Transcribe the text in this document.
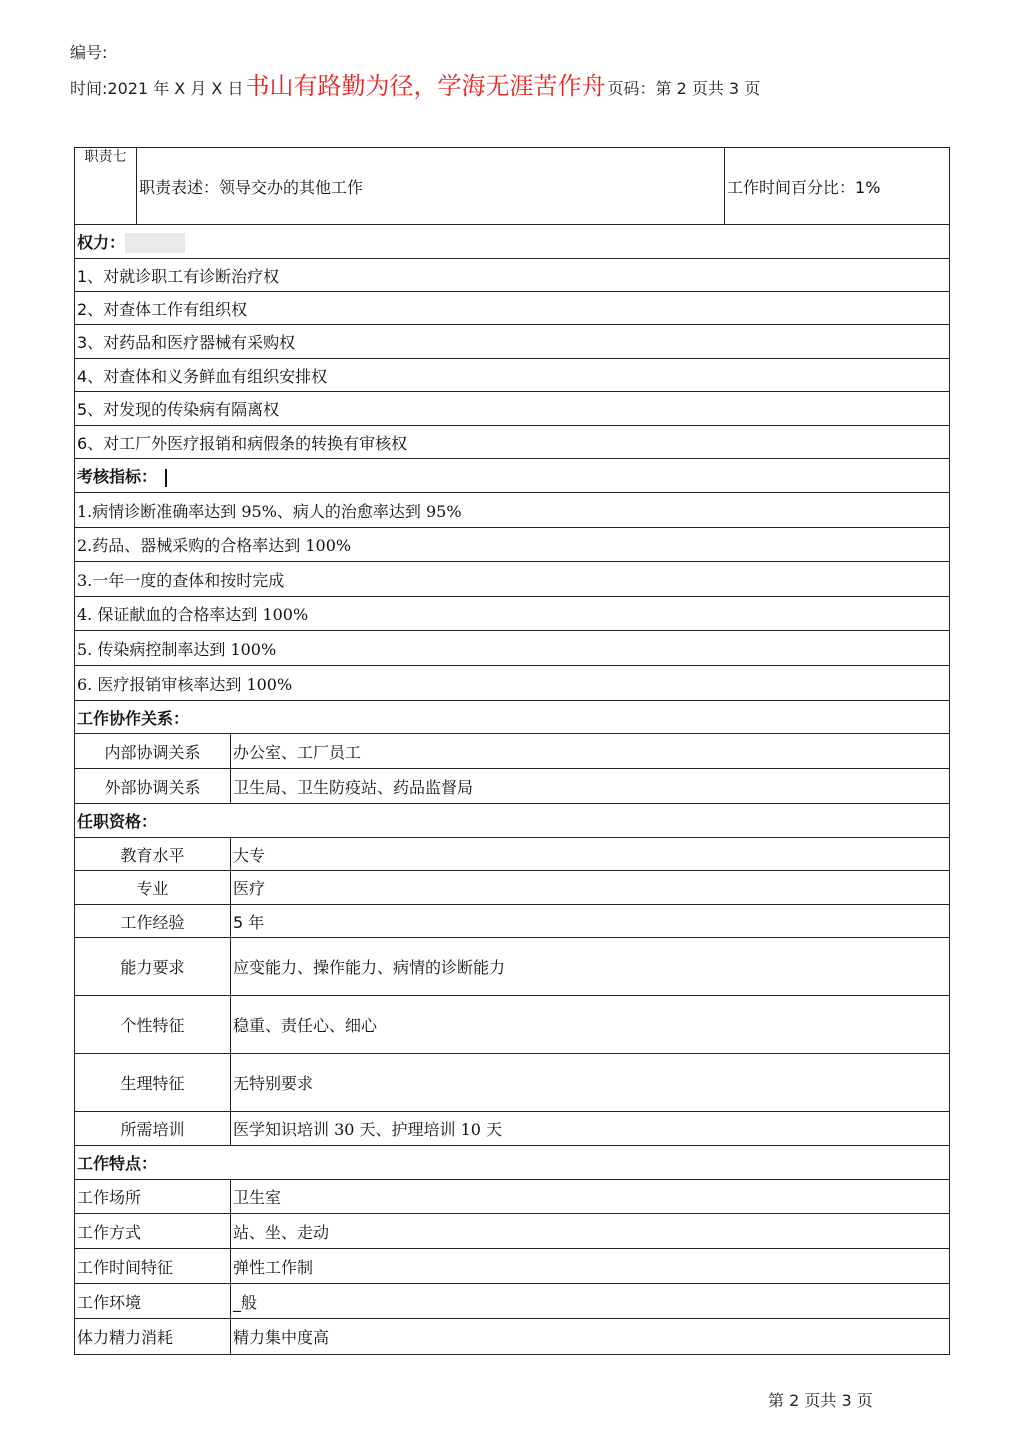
编号:
时间: 2021 年 X 月 X 日 书山有路勤为径，学海无涯苦作舟 页码：第 2 页共 3 页
职责七	职责表述：领导交办的其他工作		工作时间百分比：1%
权力：			
1、对就诊职工有诊断治疗权			
2、对查体工作有组织权			
3、对药品和医疗器械有采购权			
4、对查体和义务鲜血有组织安排权			
5、对发现的传染病有隔离权			
6、对工厂外医疗报销和病假条的转换有审核权			
考核指标：			
1.病情诊断准确率达到 95%、病人的治愈率达到 95%			
2.药品、器械采购的合格率达到 100%			
3.一年一度的查体和按时完成			
4. 保证献血的合格率达到 100%			
5. 传染病控制率达到 100%			
6. 医疗报销审核率达到 100%			
工作协作关系：			
内部协调关系		办公室、工厂员工	
外部协调关系		卫生局、卫生防疫站、药品监督局	
任职资格：			
教育水平		大专	
专业		医疗	
工作经验		5 年	
能力要求		应变能力、操作能力、病情的诊断能力	
个性特征		稳重、责任心、细心	
生理特征		无特别要求	
所需培训		医学知识培训 30 天、护理培训 10 天	
工作特点：			
工作场所		卫生室	
工作方式		站、坐、走动	
工作时间特征		弹性工作制	
工作环境		_般	
体力精力消耗		精力集中度高	
第 2 页共 3 页
